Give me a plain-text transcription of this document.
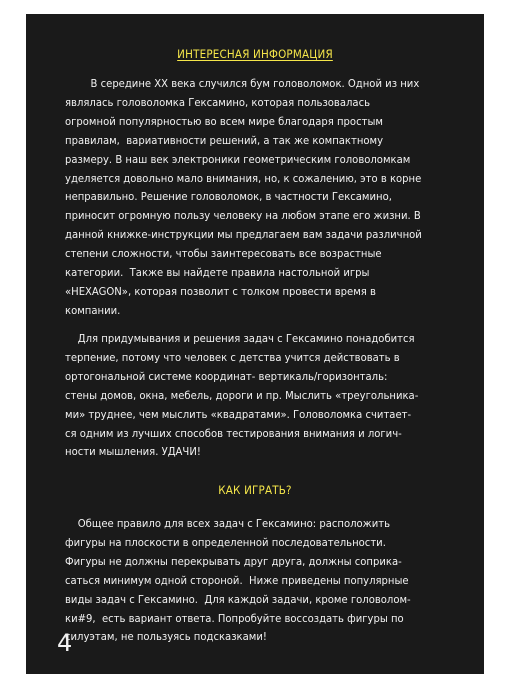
ИНТЕРЕСНАЯ ИНФОРМАЦИЯ

В середине XX века случился бум головоломок. Одной из них
являлась головоломка Гексамино, которая пользовалась
огромной популярностью во всем мире благодаря простым
правилам,  вариативности решений, а так же компактному
размеру. В наш век электроники геометрическим головоломкам
уделяется довольно мало внимания, но, к сожалению, это в корне
неправильно. Решение головоломок, в частности Гексамино,
приносит огромную пользу человеку на любом этапе его жизни. В
данной книжке-инструкции мы предлагаем вам задачи различной
степени сложности, чтобы заинтересовать все возрастные
категории.  Также вы найдете правила настольной игры
«HEXAGON», которая позволит с толком провести время в
компании.

Для придумывания и решения задач с Гексамино понадобится
терпение, потому что человек с детства учится действовать в
ортогональной системе координат- вертикаль/горизонталь:
стены домов, окна, мебель, дороги и пр. Мыслить «треугольника-
ми» труднее, чем мыслить «квадратами». Головоломка считает-
ся одним из лучших способов тестирования внимания и логич-
ности мышления. УДАЧИ!

КАК ИГРАТЬ?

Общее правило для всех задач с Гексамино: расположить
фигуры на плоскости в определенной последовательности.
Фигуры не должны перекрывать друг друга, должны соприка-
саться минимум одной стороной.  Ниже приведены популярные
виды задач с Гексамино.  Для каждой задачи, кроме головолом-
ки#9,  есть вариант ответа. Попробуйте воссоздать фигуры по
силуэтам, не пользуясь подсказками!

4
